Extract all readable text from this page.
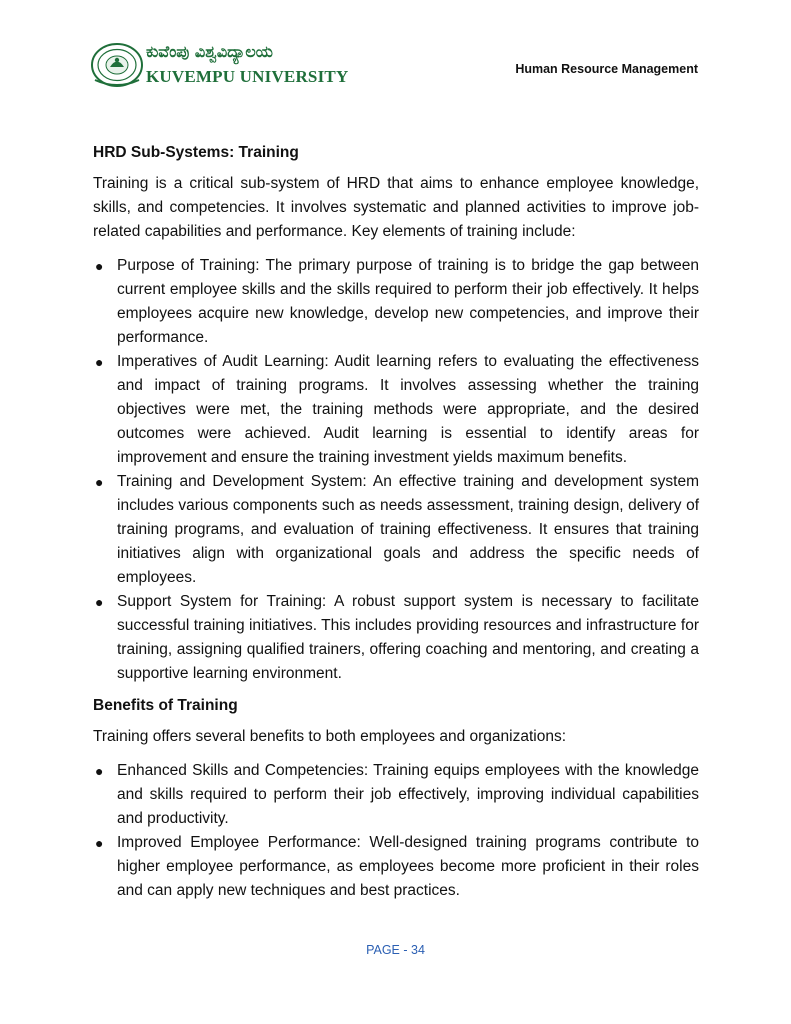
ಕುವೆಂಪು ವಿಶ್ವವಿದ್ಯಾಲಯ
KUVEMPU UNIVERSITY	Human Resource Management
HRD Sub-Systems: Training

Training is a critical sub-system of HRD that aims to enhance employee knowledge, skills, and competencies. It involves systematic and planned activities to improve job-related capabilities and performance. Key elements of training include:

● Purpose of Training: The primary purpose of training is to bridge the gap between current employee skills and the skills required to perform their job effectively. It helps employees acquire new knowledge, develop new competencies, and improve their performance.
● Imperatives of Audit Learning: Audit learning refers to evaluating the effectiveness and impact of training programs. It involves assessing whether the training objectives were met, the training methods were appropriate, and the desired outcomes were achieved. Audit learning is essential to identify areas for improvement and ensure the training investment yields maximum benefits.
● Training and Development System: An effective training and development system includes various components such as needs assessment, training design, delivery of training programs, and evaluation of training effectiveness. It ensures that training initiatives align with organizational goals and address the specific needs of employees.
● Support System for Training: A robust support system is necessary to facilitate successful training initiatives. This includes providing resources and infrastructure for training, assigning qualified trainers, offering coaching and mentoring, and creating a supportive learning environment.
Benefits of Training

Training offers several benefits to both employees and organizations:

● Enhanced Skills and Competencies: Training equips employees with the knowledge and skills required to perform their job effectively, improving individual capabilities and productivity.
● Improved Employee Performance: Well-designed training programs contribute to higher employee performance, as employees become more proficient in their roles and can apply new techniques and best practices.
PAGE - 34
